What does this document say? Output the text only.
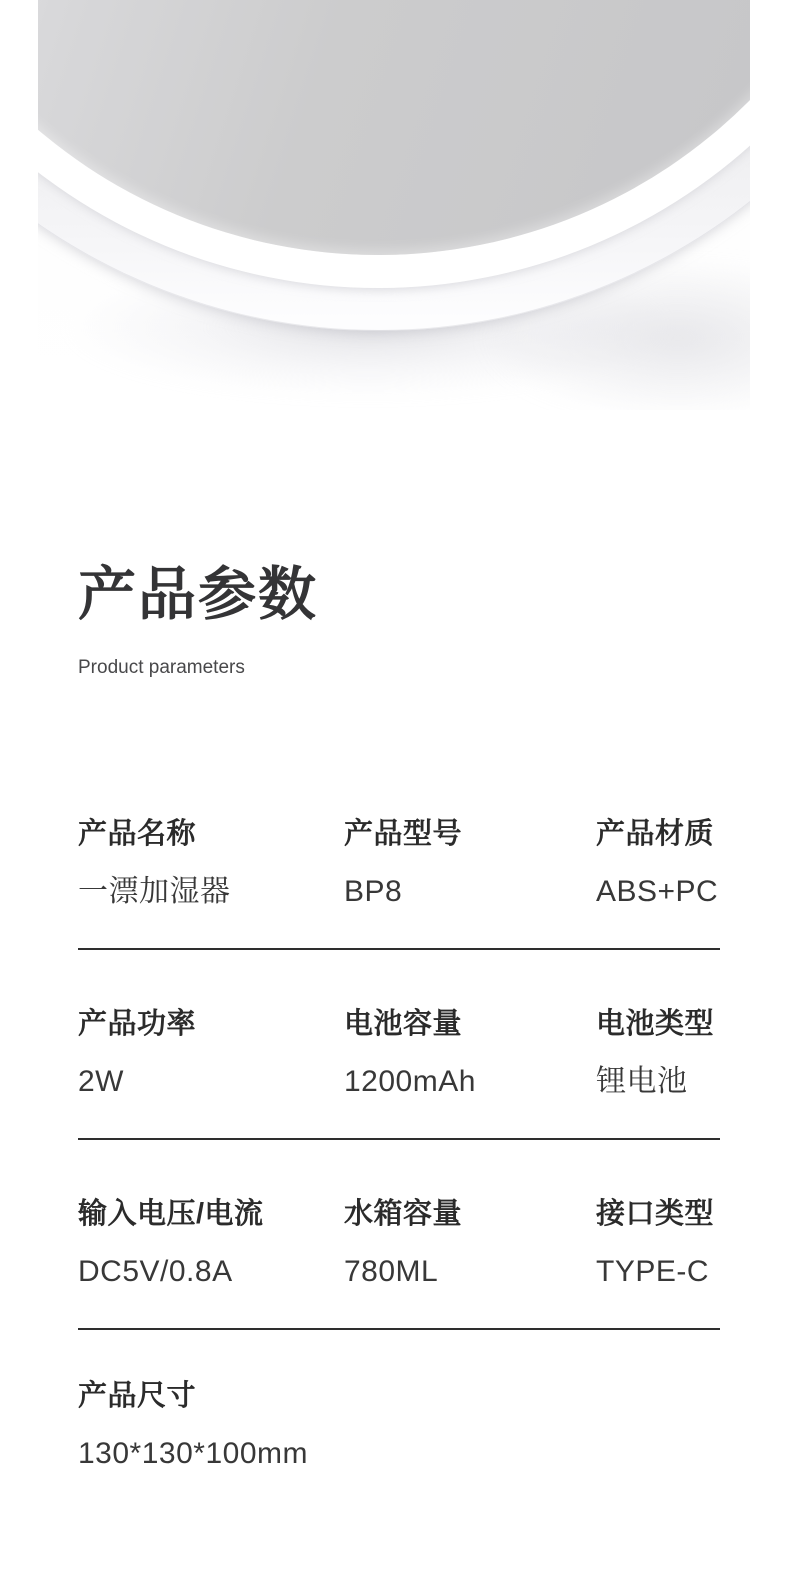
产品参数
Product parameters
产品名称
一漂加湿器
产品型号
BP8
产品材质
ABS+PC
产品功率
2W
电池容量
1200mAh
电池类型
锂电池
输入电压/电流
DC5V/0.8A
水箱容量
780ML
接口类型
TYPE-C
产品尺寸
130*130*100mm
